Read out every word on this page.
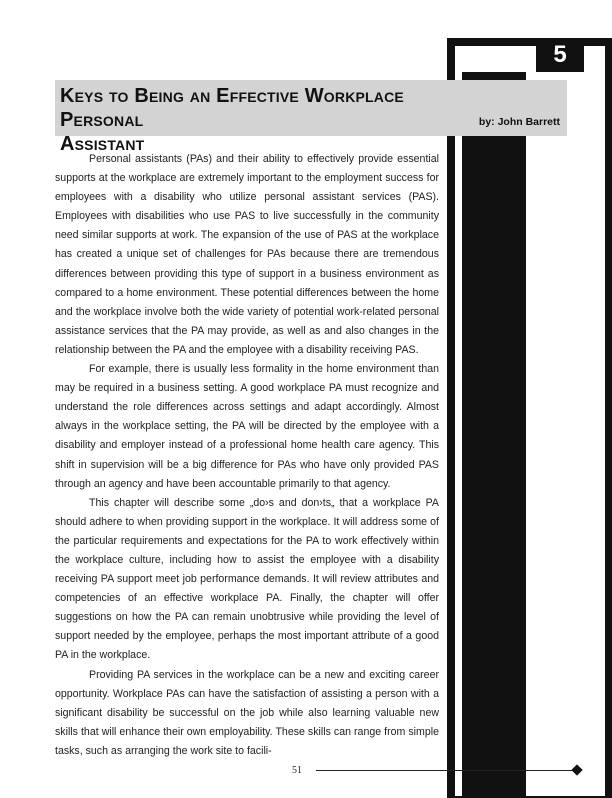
5
Keys to Being an Effective Workplace Personal
Assistant
by: John Barrett

Personal assistants (PAs) and their ability to effectively provide essential supports at the workplace are extremely important to the employment success for employees with a disability who utilize personal assistant services (PAS). Employees with disabilities who use PAS to live successfully in the community need similar supports at work. The expansion of the use of PAS at the workplace has created a unique set of challenges for PAs because there are tremendous differences between providing this type of support in a business environment as compared to a home environment. These potential differences between the home and the workplace involve both the wide variety of potential work-related personal assistance services that the PA may provide, as well as and also changes in the relationship between the PA and the employee with a disability receiving PAS.

For example, there is usually less formality in the home environment than may be required in a business setting. A good workplace PA must recognize and understand the role differences across settings and adapt accordingly. Almost always in the workplace setting, the PA will be directed by the employee with a disability and employer instead of a professional home health care agency. This shift in supervision will be a big difference for PAs who have only provided PAS through an agency and have been accountable primarily to that agency.

This chapter will describe some „do›s and don›ts„ that a workplace PA should adhere to when providing support in the workplace. It will address some of the particular requirements and expectations for the PA to work effectively within the workplace culture, including how to assist the employee with a disability receiving PA support meet job performance demands. It will review attributes and competencies of an effective workplace PA. Finally, the chapter will offer suggestions on how the PA can remain unobtrusive while providing the level of support needed by the employee, perhaps the most important attribute of a good PA in the workplace.

Providing PA services in the workplace can be a new and exciting career opportunity. Workplace PAs can have the satisfaction of assisting a person with a significant disability be successful on the job while also learning valuable new skills that will enhance their own employability. These skills can range from simple tasks, such as arranging the work site to facili-

51
